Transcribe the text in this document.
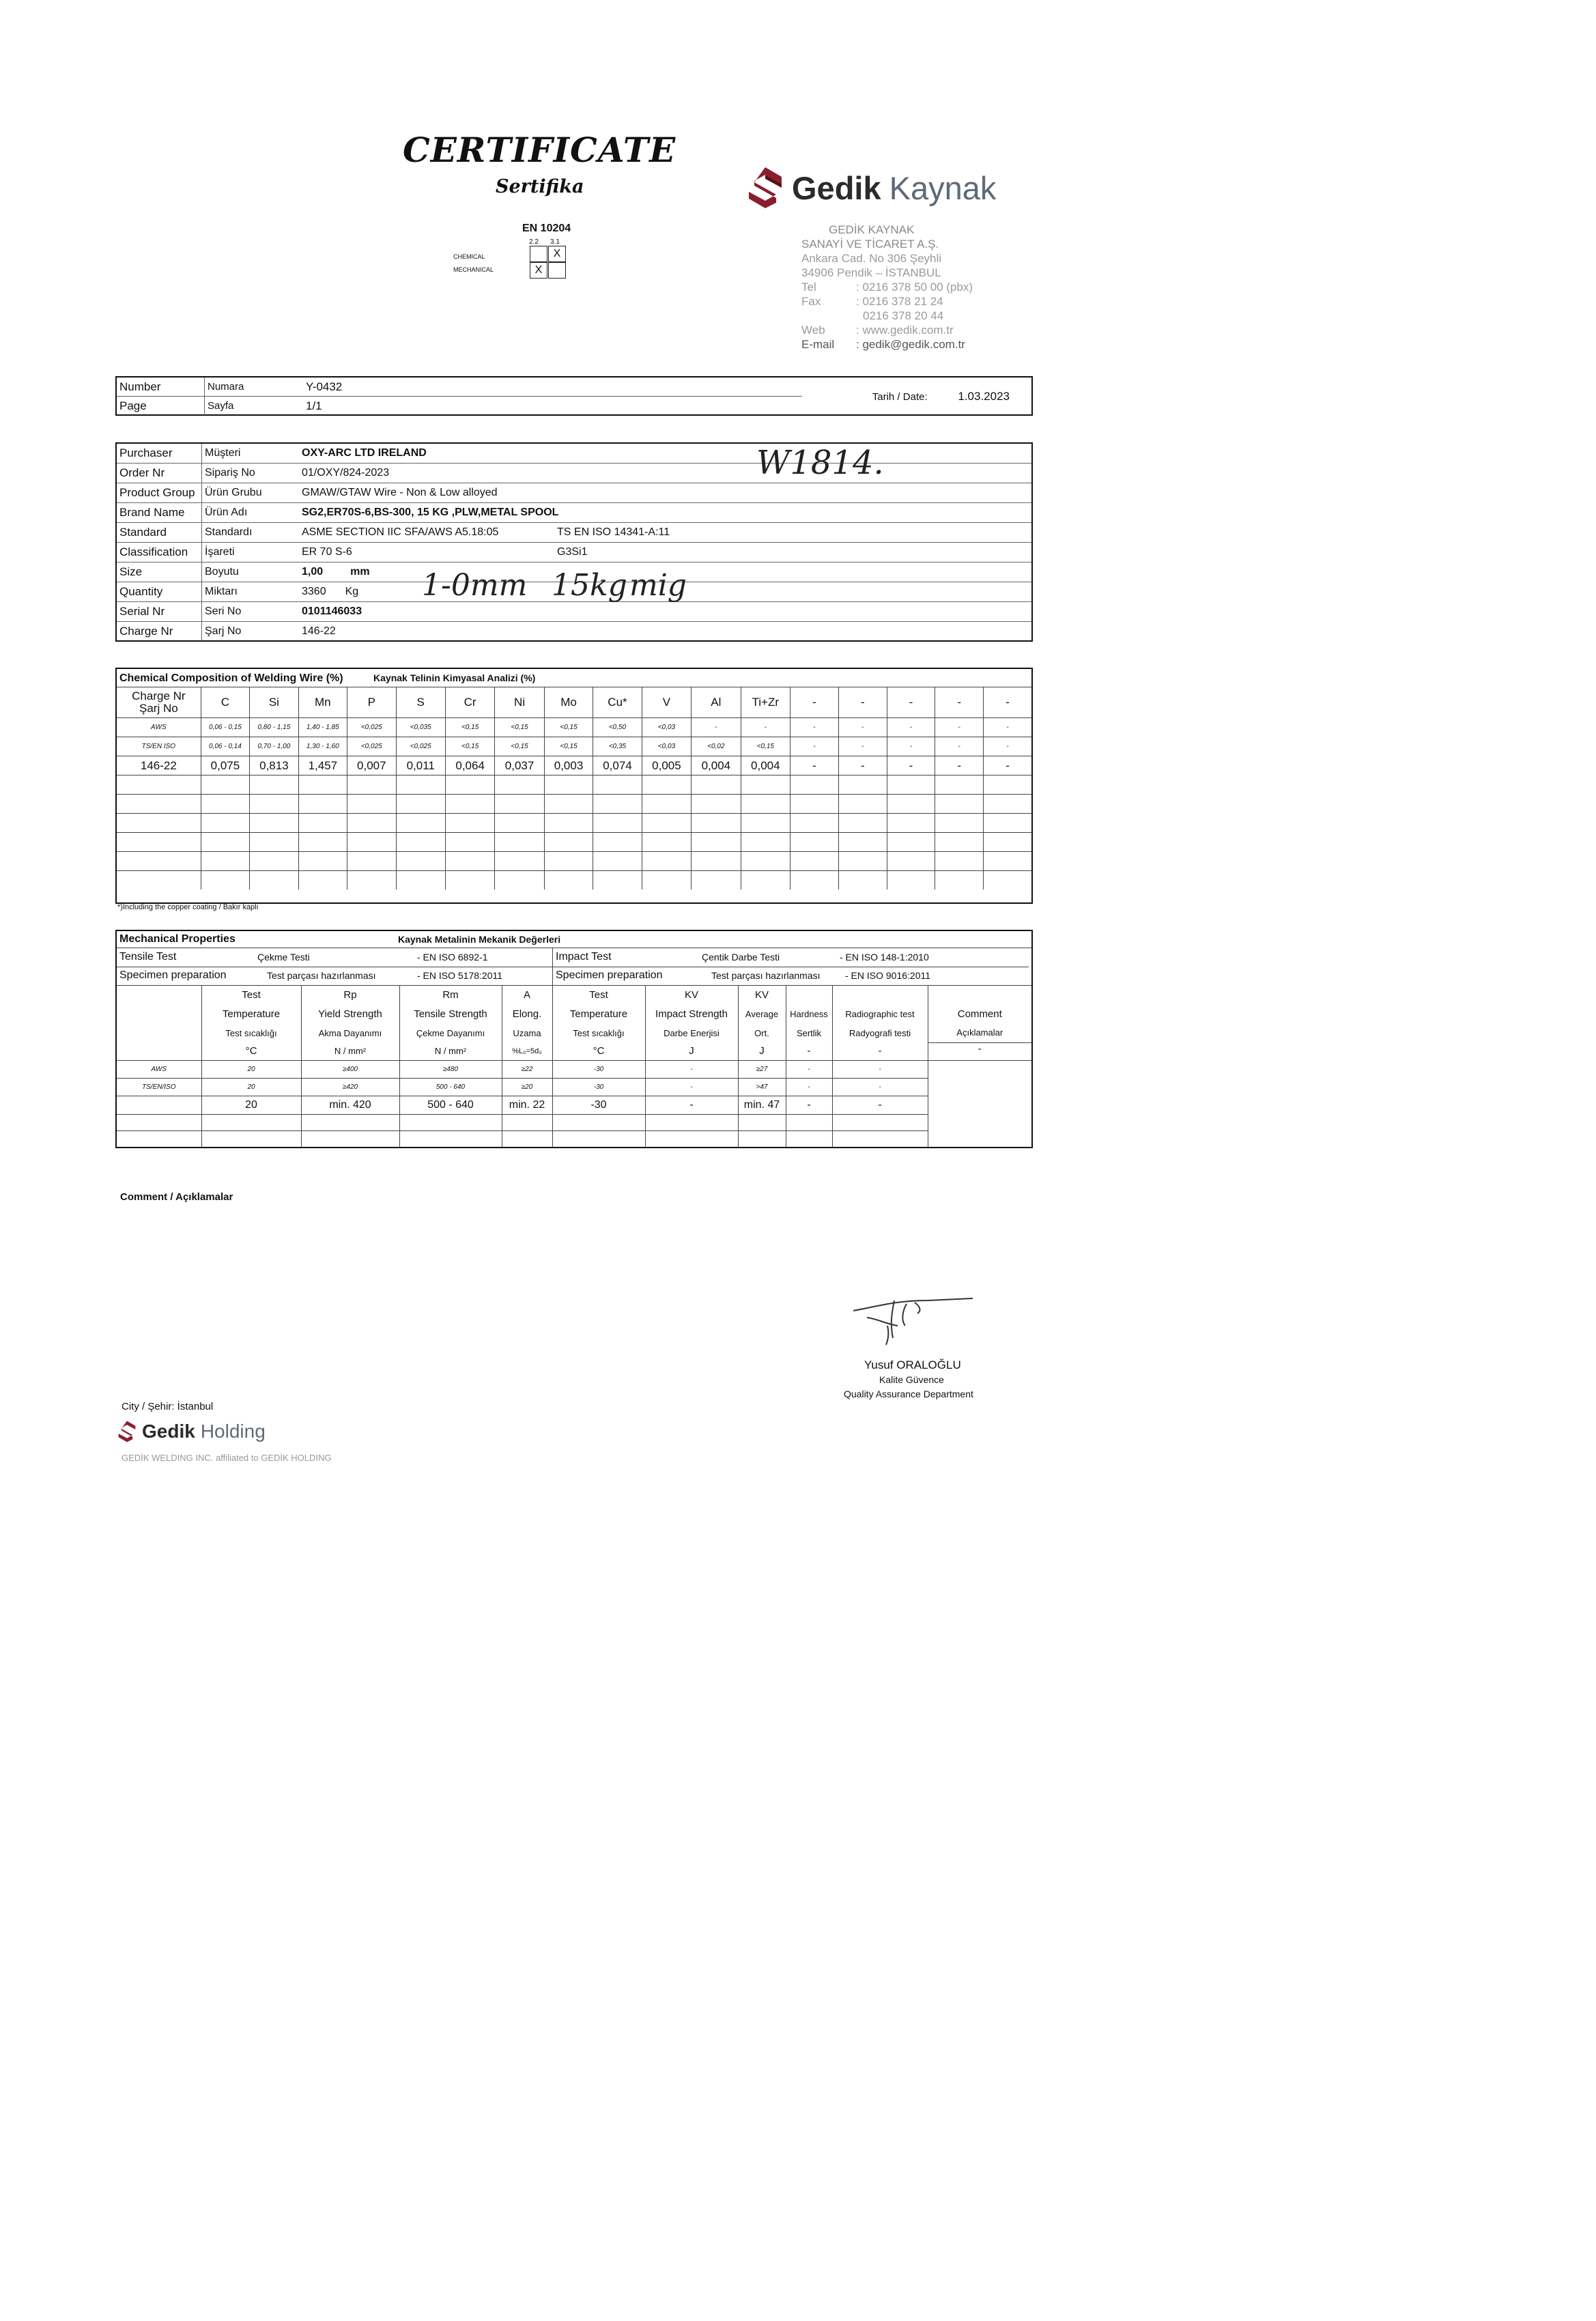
CERTIFICATE
Sertifika
EN 10204
2.2 3.1
CHEMICAL
MECHANICAL
X
X
Gedik Kaynak
GEDİK KAYNAK
SANAYİ VE TİCARET A.Ş.
Ankara Cad. No 306 Şeyhli
34906 Pendik – İSTANBUL
Tel	: 0216 378 50 00 (pbx)
Fax	: 0216 378 21 24
0216 378 20 44
Web	: www.gedik.com.tr
E-mail	: gedik@gedik.com.tr
Number	Numara	Y-0432		Tarih / Date: 1.03.2023
Page	Sayfa	1/1		
Purchaser	Müşteri	OXY-ARC LTD IRELAND	
Order Nr	Sipariş No	01/OXY/824-2023	
Product Group	Ürün Grubu	GMAW/GTAW Wire - Non & Low alloyed	
Brand Name	Ürün Adı	SG2,ER70S-6,BS-300, 15 KG ,PLW,METAL SPOOL	
Standard	Standardı	ASME SECTION IIC SFA/AWS A5.18:05	TS EN ISO 14341-A:11
Classification	İşareti	ER 70 S-6	G3Si1
Size	Boyutu	1,00 mm	
Quantity	Miktarı	3360 Kg	
Serial Nr	Seri No	0101146033	
Charge Nr	Şarj No	146-22	
W1814.
1-0mm 15kg mig
Chemical Composition of Welding Wire (%)	Kaynak Telinin Kimyasal Analizi (%)
Charge Nr
Şarj No	C	Si	Mn	P	S	Cr	Ni	Mo	Cu*	V	Al	Ti+Zr	-	-	-	-	-
AWS	0,06 - 0,15	0,80 - 1,15	1,40 - 1,85	<0,025	<0,035	<0,15	<0,15	<0,15	<0,50	<0,03	-	-	-	-	-	-	-
TS/EN ISO	0,06 - 0,14	0,70 - 1,00	1,30 - 1,60	<0,025	<0,025	<0,15	<0,15	<0,15	<0,35	<0,03	<0,02	<0,15	-	-	-	-	-
146-22	0,075	0,813	1,457	0,007	0,011	0,064	0,037	0,003	0,074	0,005	0,004	0,004	-	-	-	-	-

*)Including the copper coating / Bakır kaplı
Mechanical Properties	Kaynak Metalinin Mekanik Değerleri
Tensile Test	Çekme Testi	- EN ISO 6892-1
Specimen preparation	Test parçası hazırlanması	- EN ISO 5178:2011
Impact Test	Çentik Darbe Testi	- EN ISO 148-1:2010
Specimen preparation	Test parçası hazırlanması	- EN ISO 9016:2011
	Test	Rp	Rm	A	Test	KV	KV			
	Temperature	Yield Strength	Tensile Strength	Elong.	Temperature	Impact Strength	Average	Hardness	Radiographic test	Comment
	Test sıcaklığı	Akma Dayanımı	Çekme Dayanımı	Uzama	Test sıcaklığı	Darbe Enerjisi	Ort.	Sertlik	Radyografi testi	Açıklamalar
	°C	N / mm²	N / mm²	%L₀=5d₀	°C	J	J	-	-	-
AWS	20	≥400	≥480	≥22	-30	-	≥27	-	-	
TS/EN/ISO	20	≥420	500 - 640	≥20	-30	-	>47	-	-	
	20	min. 420	500 - 640	min. 22	-30	-	min. 47	-	-	

Comment / Açıklamalar
Yusuf ORALOĞLU
Kalite Güvence
Quality Assurance Department
City / Şehir: İstanbul
Gedik Holding
GEDİK WELDING INC. affiliated to GEDİK HOLDING
